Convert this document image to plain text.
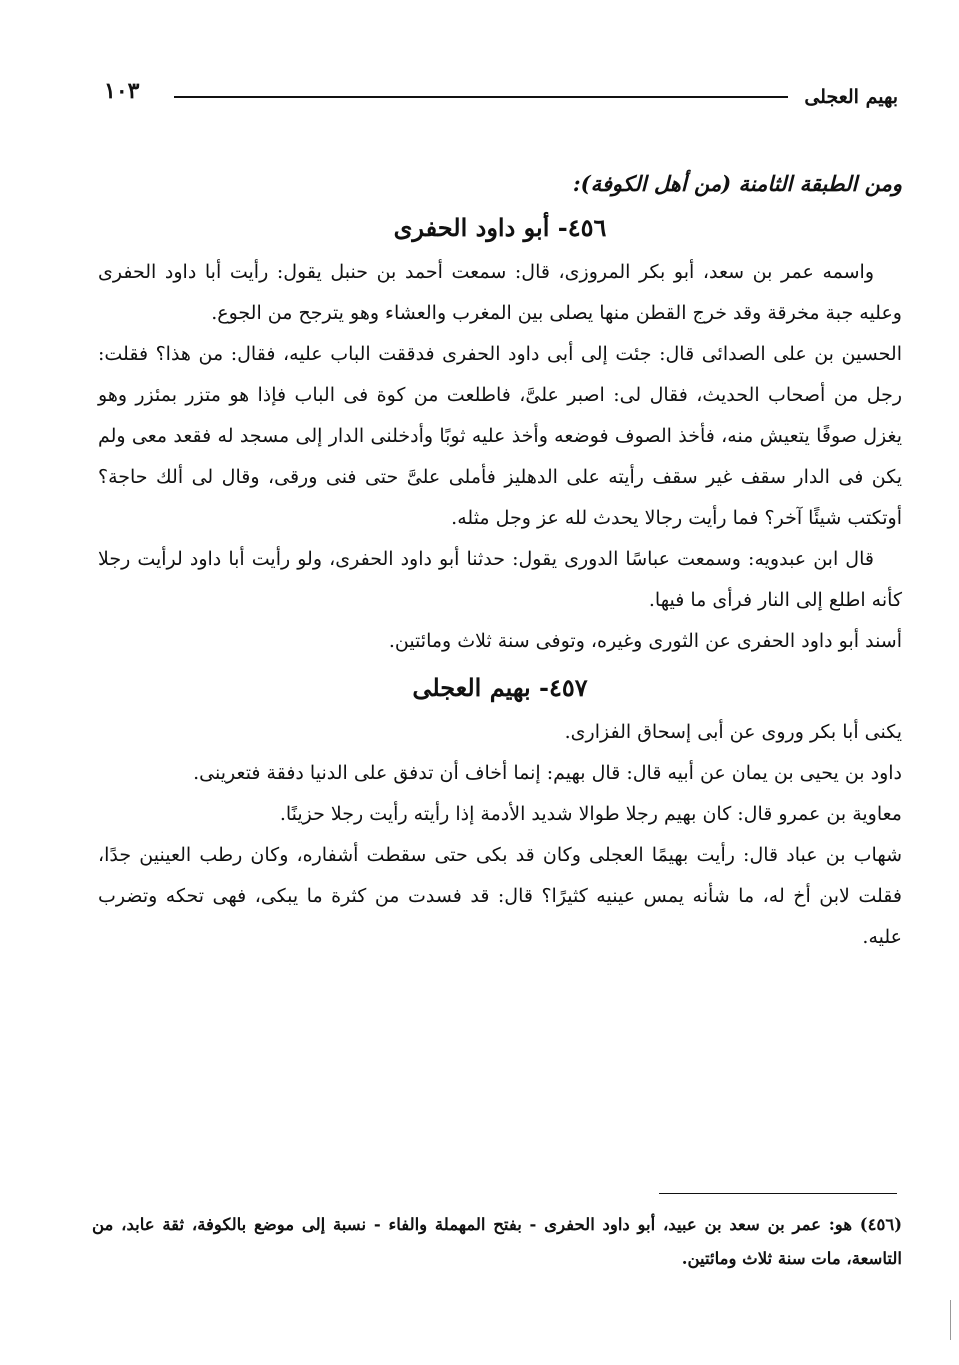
بهيم العجلى
١٠٣

ومن الطبقة الثامنة (من أهل الكوفة):

٤٥٦- أبو داود الحفرى

واسمه عمر بن سعد، أبو بكر المروزى، قال: سمعت أحمد بن حنبل يقول: رأيت أبا داود الحفرى وعليه جبة مخرقة وقد خرج القطن منها يصلى بين المغرب والعشاء وهو يترجح من الجوع.

الحسين بن على الصدائى قال: جئت إلى أبى داود الحفرى فدققت الباب عليه، فقال: من هذا؟ فقلت: رجل من أصحاب الحديث، فقال لى: اصبر علىَّ، فاطلعت من كوة فى الباب فإذا هو متزر بمئزر وهو يغزل صوفًا يتعيش منه، فأخذ الصوف فوضعه وأخذ عليه ثوبًا وأدخلنى الدار إلى مسجد له فقعد معى ولم يكن فى الدار سقف غير سقف رأيته على الدهليز فأملى علىَّ حتى فنى ورقى، وقال لى ألك حاجة؟ أوتكتب شيئًا آخر؟ فما رأيت رجالا يحدث لله عز وجل مثله.

قال ابن عبدويه: وسمعت عباسًا الدورى يقول: حدثنا أبو داود الحفرى، ولو رأيت أبا داود لرأيت رجلا كأنه اطلع إلى النار فرأى ما فيها.

أسند أبو داود الحفرى عن الثورى وغيره، وتوفى سنة ثلاث ومائتين.

٤٥٧- بهيم العجلى

يكنى أبا بكر وروى عن أبى إسحاق الفزارى.

داود بن يحيى بن يمان عن أبيه قال: قال بهيم: إنما أخاف أن تدفق على الدنيا دفقة فتعرينى.

معاوية بن عمرو قال: كان بهيم رجلا طوالا شديد الأدمة إذا رأيته رأيت رجلا حزينًا.

شهاب بن عباد قال: رأيت بهيمًا العجلى وكان قد بكى حتى سقطت أشفاره، وكان رطب العينين جدًا، فقلت لابن أخ له، ما شأنه يمس عينيه كثيرًا؟ قال: قد فسدت من كثرة ما يبكى، فهى تحكه وتضرب عليه.

(٤٥٦) هو: عمر بن سعد بن عبيد، أبو داود الحفرى - بفتح المهملة والفاء - نسبة إلى موضع بالكوفة، ثقة عابد، من التاسعة، مات سنة ثلاث ومائتين.
